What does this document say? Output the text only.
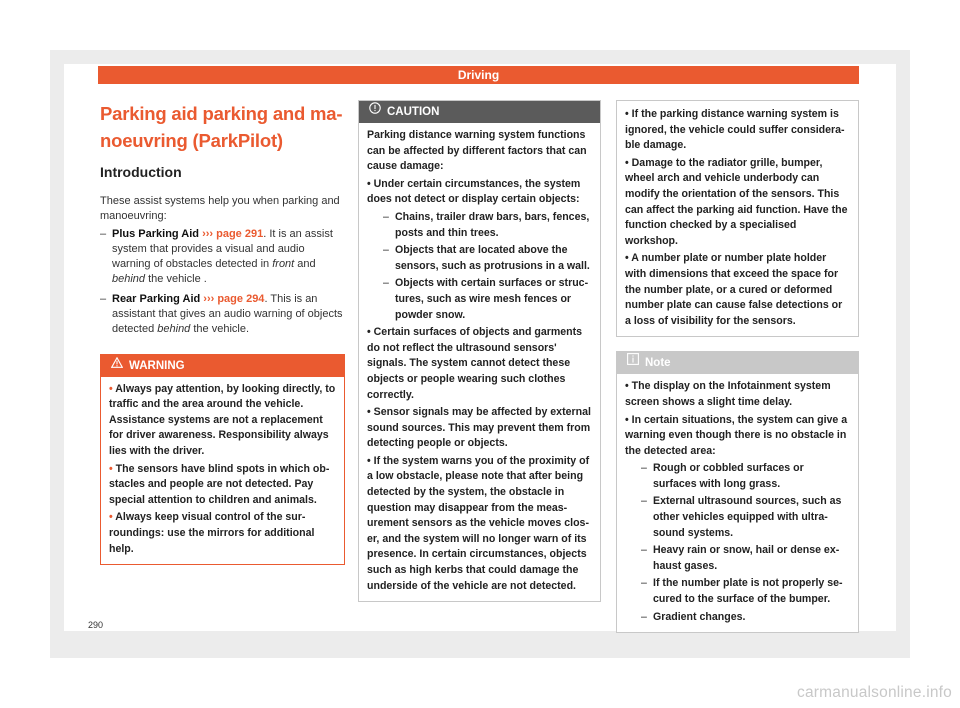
Driving
Parking aid parking and ma-
noeuvring (ParkPilot)
Introduction
These assist systems help you when parking and manoeuvring:
– Plus Parking Aid ››› page 291. It is an assist system that provides a visual and audio warning of obstacles detected in front and behind the vehicle .
– Rear Parking Aid ››› page 294. This is an assistant that gives an audio warning of objects detected behind the vehicle.
WARNING
• Always pay attention, by looking directly, to traffic and the area around the vehicle. Assistance systems are not a replacement for driver awareness. Responsibility always lies with the driver.
• The sensors have blind spots in which obstacles and people are not detected. Pay special attention to children and animals.
• Always keep visual control of the surroundings: use the mirrors for additional help.
CAUTION
Parking distance warning system functions can be affected by different factors that can cause damage:
• Under certain circumstances, the system does not detect or display certain objects:
– Chains, trailer draw bars, bars, fences, posts and thin trees.
– Objects that are located above the sensors, such as protrusions in a wall.
– Objects with certain surfaces or structures, such as wire mesh fences or powder snow.
• Certain surfaces of objects and garments do not reflect the ultrasound sensors' signals. The system cannot detect these objects or people wearing such clothes correctly.
• Sensor signals may be affected by external sound sources. This may prevent them from detecting people or objects.
• If the system warns you of the proximity of a low obstacle, please note that after being detected by the system, the obstacle in question may disappear from the measurement sensors as the vehicle moves closer, and the system will no longer warn of its presence. In certain circumstances, objects such as high kerbs that could damage the underside of the vehicle are not detected.
• If the parking distance warning system is ignored, the vehicle could suffer considerable damage.
• Damage to the radiator grille, bumper, wheel arch and vehicle underbody can modify the orientation of the sensors. This can affect the parking aid function. Have the function checked by a specialised workshop.
• A number plate or number plate holder with dimensions that exceed the space for the number plate, or a cured or deformed number plate can cause false detections or a loss of visibility for the sensors.
Note
• The display on the Infotainment system screen shows a slight time delay.
• In certain situations, the system can give a warning even though there is no obstacle in the detected area:
– Rough or cobbled surfaces or surfaces with long grass.
– External ultrasound sources, such as other vehicles equipped with ultrasound systems.
– Heavy rain or snow, hail or dense exhaust gases.
– If the number plate is not properly secured to the surface of the bumper.
– Gradient changes.
290
carmanualsonline.info
